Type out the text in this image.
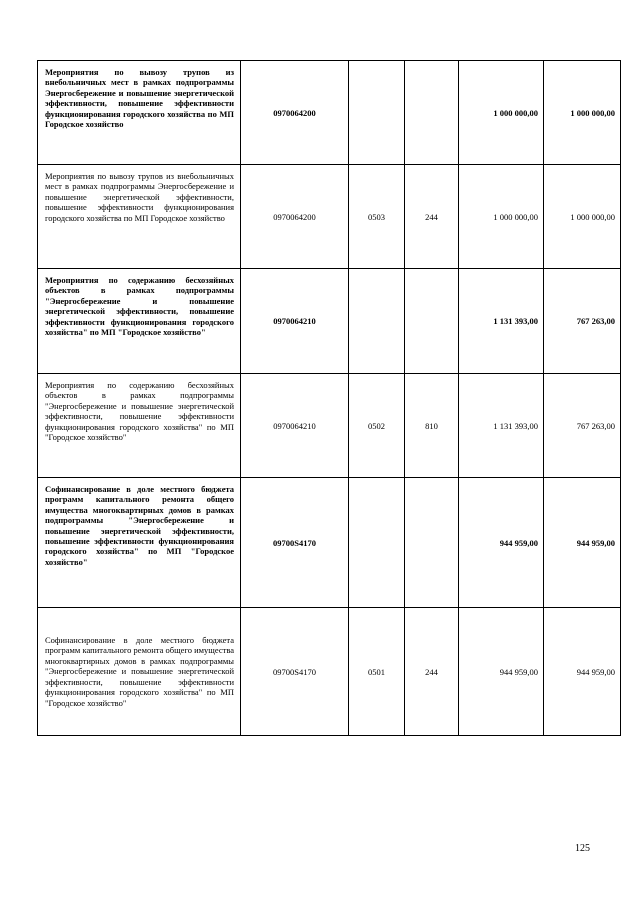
Мероприятия по вывозу трупов из внебольничных мест в рамках подпрограммы Энергосбережение и повышение энергетической эффективности, повышение эффективности функционирования городского хозяйства по МП Городское хозяйство	0970064200			1 000 000,00	1 000 000,00

Мероприятия по вывозу трупов из внебольничных мест в рамках подпрограммы Энергосбережение и повышение энергетической эффективности, повышение эффективности функционирования городского хозяйства по МП Городское хозяйство	0970064200	0503	244	1 000 000,00	1 000 000,00

Мероприятия по содержанию бесхозяйных объектов в рамках подпрограммы "Энергосбережение и повышение энергетической эффективности, повышение эффективности функционирования городского хозяйства" по МП "Городское хозяйство"	0970064210			1 131 393,00	767 263,00

Мероприятия по содержанию бесхозяйных объектов в рамках подпрограммы "Энергосбережение и повышение энергетической эффективности, повышение эффективности функционирования городского хозяйства" по МП "Городское хозяйство"	0970064210	0502	810	1 131 393,00	767 263,00

Софинансирование в доле местного бюджета программ капитального ремонта общего имущества многоквартирных домов в рамках подпрограммы "Энергосбережение и повышение энергетической эффективности, повышение эффективности функционирования городского хозяйства" по МП "Городское хозяйство"	09700S4170			944 959,00	944 959,00

Софинансирование в доле местного бюджета программ капитального ремонта общего имущества многоквартирных домов в рамках подпрограммы "Энергосбережение и повышение энергетической эффективности, повышение эффективности функционирования городского хозяйства" по МП "Городское хозяйство"	09700S4170	0501	244	944 959,00	944 959,00
125
